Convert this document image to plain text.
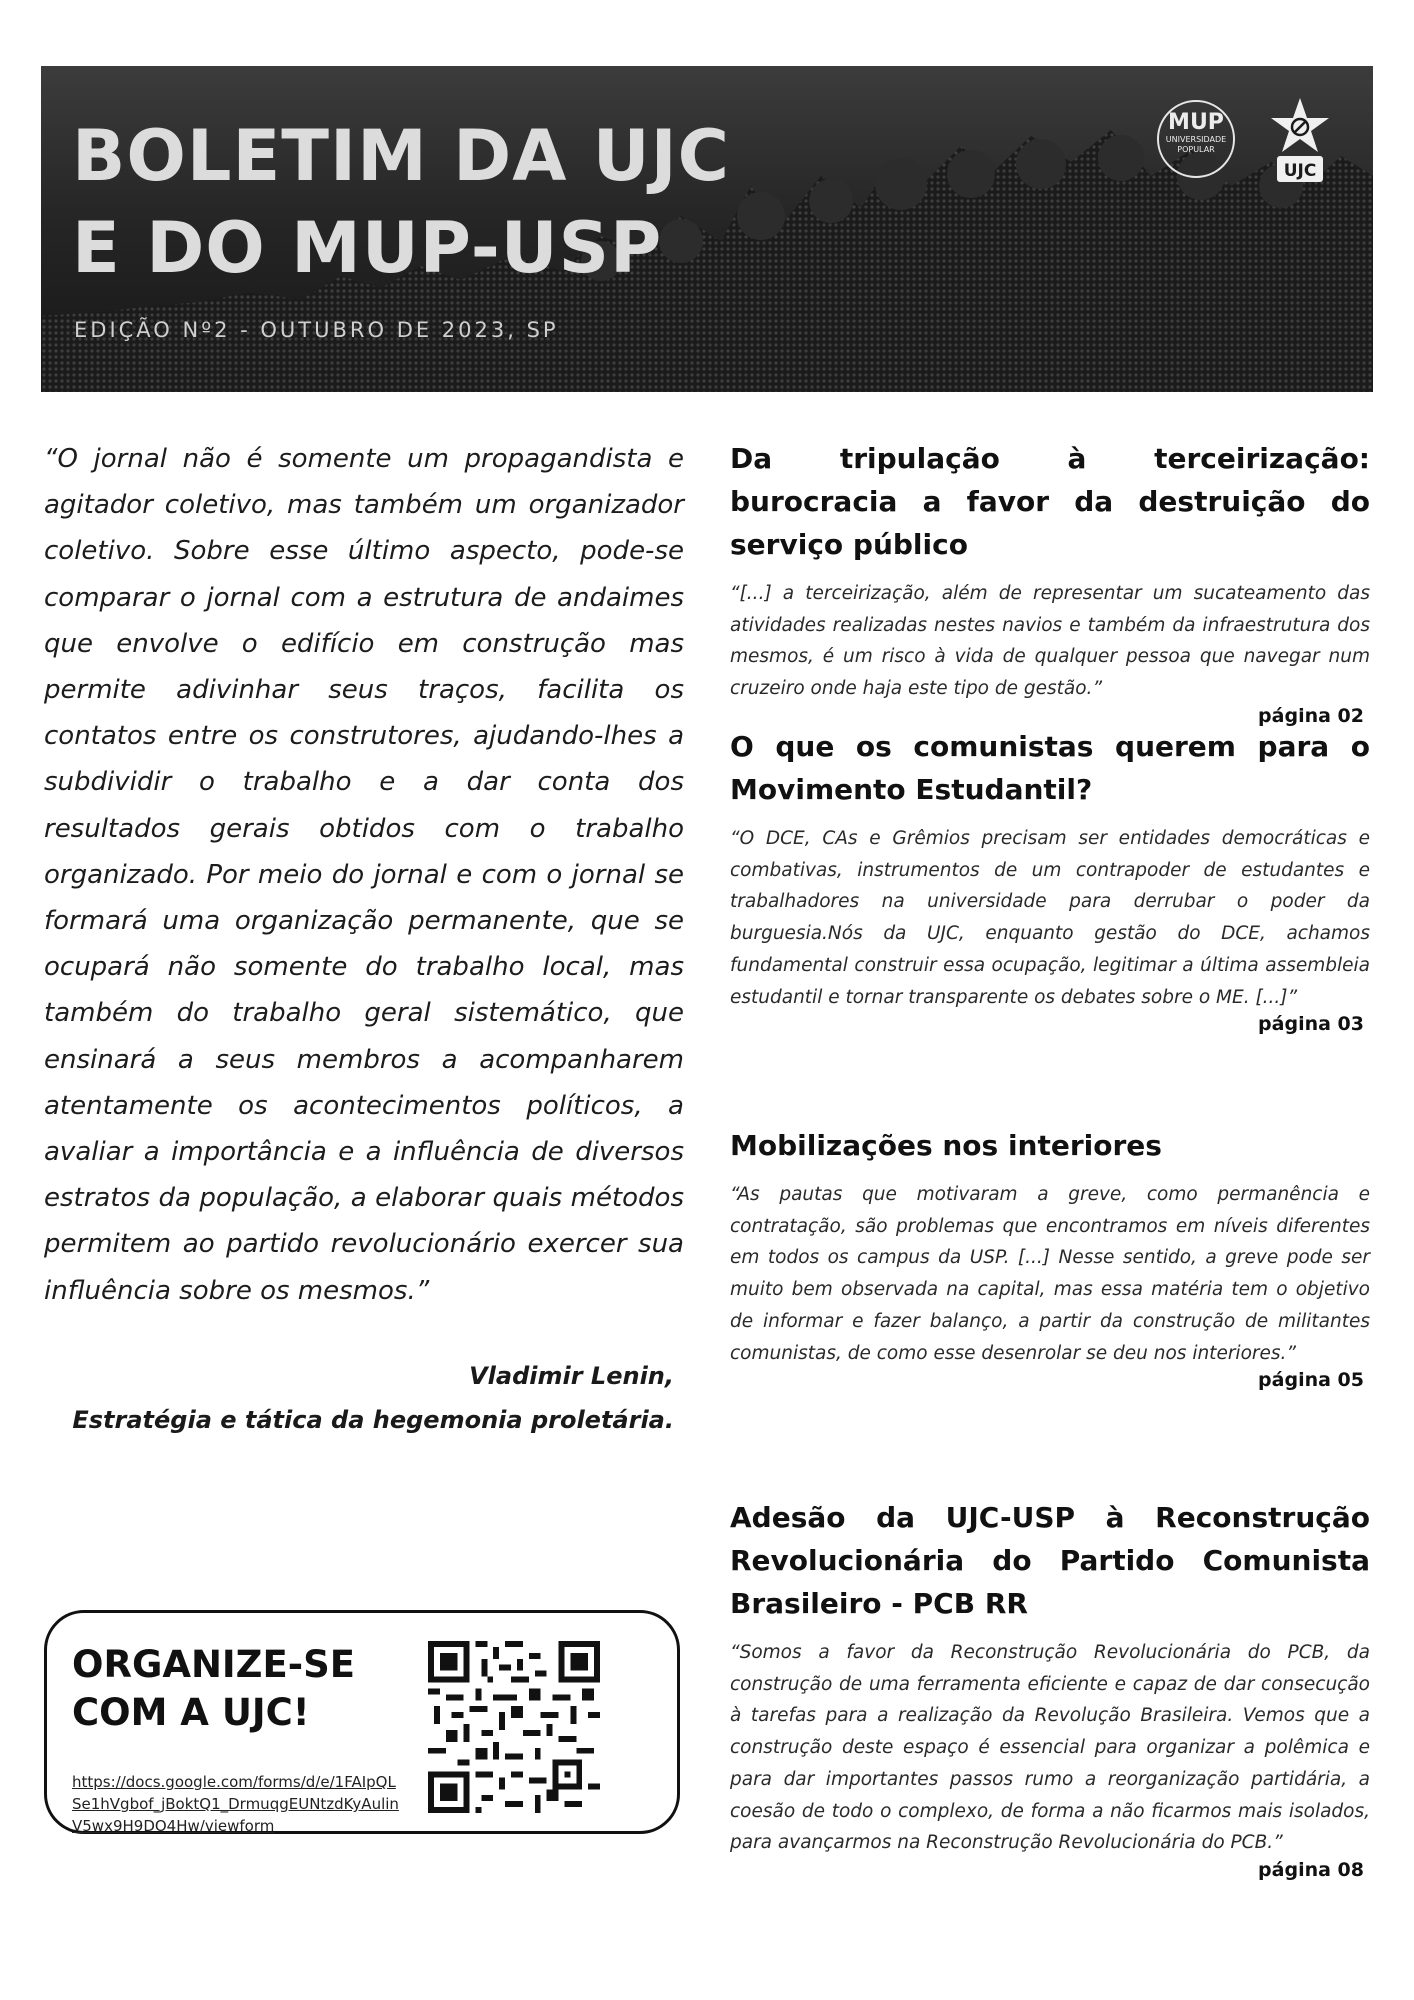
BOLETIM DA UJC
E DO MUP-USP
EDIÇÃO Nº2 - OUTUBRO DE 2023, SP
MUP
UNIVERSIDADE
POPULAR
UJC

“O jornal não é somente um propagandista e agitador coletivo, mas também um organizador coletivo. Sobre esse último aspecto, pode-se comparar o jornal com a estrutura de andaimes que envolve o edifício em construção mas permite adivinhar seus traços, facilita os contatos entre os construtores, ajudando-lhes a subdividir o trabalho e a dar conta dos resultados gerais obtidos com o trabalho organizado. Por meio do jornal e com o jornal se formará uma organização permanente, que se ocupará não somente do trabalho local, mas também do trabalho geral sistemático, que ensinará a seus membros a acompanharem atentamente os acontecimentos políticos, a avaliar a importância e a influência de diversos estratos da população, a elaborar quais métodos permitem ao partido revolucionário exercer sua influência sobre os mesmos.”

Vladimir Lenin,
Estratégia e tática da hegemonia proletária.
Da tripulação à terceirização: burocracia a favor da destruição do serviço público

“[...] a terceirização, além de representar um sucateamento das atividades realizadas nestes navios e também da infraestrutura dos mesmos, é um risco à vida de qualquer pessoa que navegar num cruzeiro onde haja este tipo de gestão.”

página 02
O que os comunistas querem para o Movimento Estudantil?

“O DCE, CAs e Grêmios precisam ser entidades democráticas e combativas, instrumentos de um contrapoder de estudantes e trabalhadores na universidade para derrubar o poder da burguesia.Nós da UJC, enquanto gestão do DCE, achamos fundamental construir essa ocupação, legitimar a última assembleia estudantil e tornar transparente os debates sobre o ME. [...]”

página 03
Mobilizações nos interiores

“As pautas que motivaram a greve, como permanência e contratação, são problemas que encontramos em níveis diferentes em todos os campus da USP. [...] Nesse sentido, a greve pode ser muito bem observada na capital, mas essa matéria tem o objetivo de informar e fazer balanço, a partir da construção de militantes comunistas, de como esse desenrolar se deu nos interiores.”

página 05
Adesão da UJC-USP à Reconstrução Revolucionária do Partido Comunista Brasileiro - PCB RR

“Somos a favor da Reconstrução Revolucionária do PCB, da construção de uma ferramenta eficiente e capaz de dar consecução à tarefas para a realização da Revolução Brasileira. Vemos que a construção deste espaço é essencial para organizar a polêmica e para dar importantes passos rumo a reorganização partidária, a coesão de todo o complexo, de forma a não ficarmos mais isolados, para avançarmos na Reconstrução Revolucionária do PCB.”

página 08
ORGANIZE-SE
COM A UJC!
https://docs.google.com/forms/d/e/1FAIpQLSe1hVgbof_jBoktQ1_DrmuqgEUNtzdKyAulinV5wx9H9DO4Hw/viewform
